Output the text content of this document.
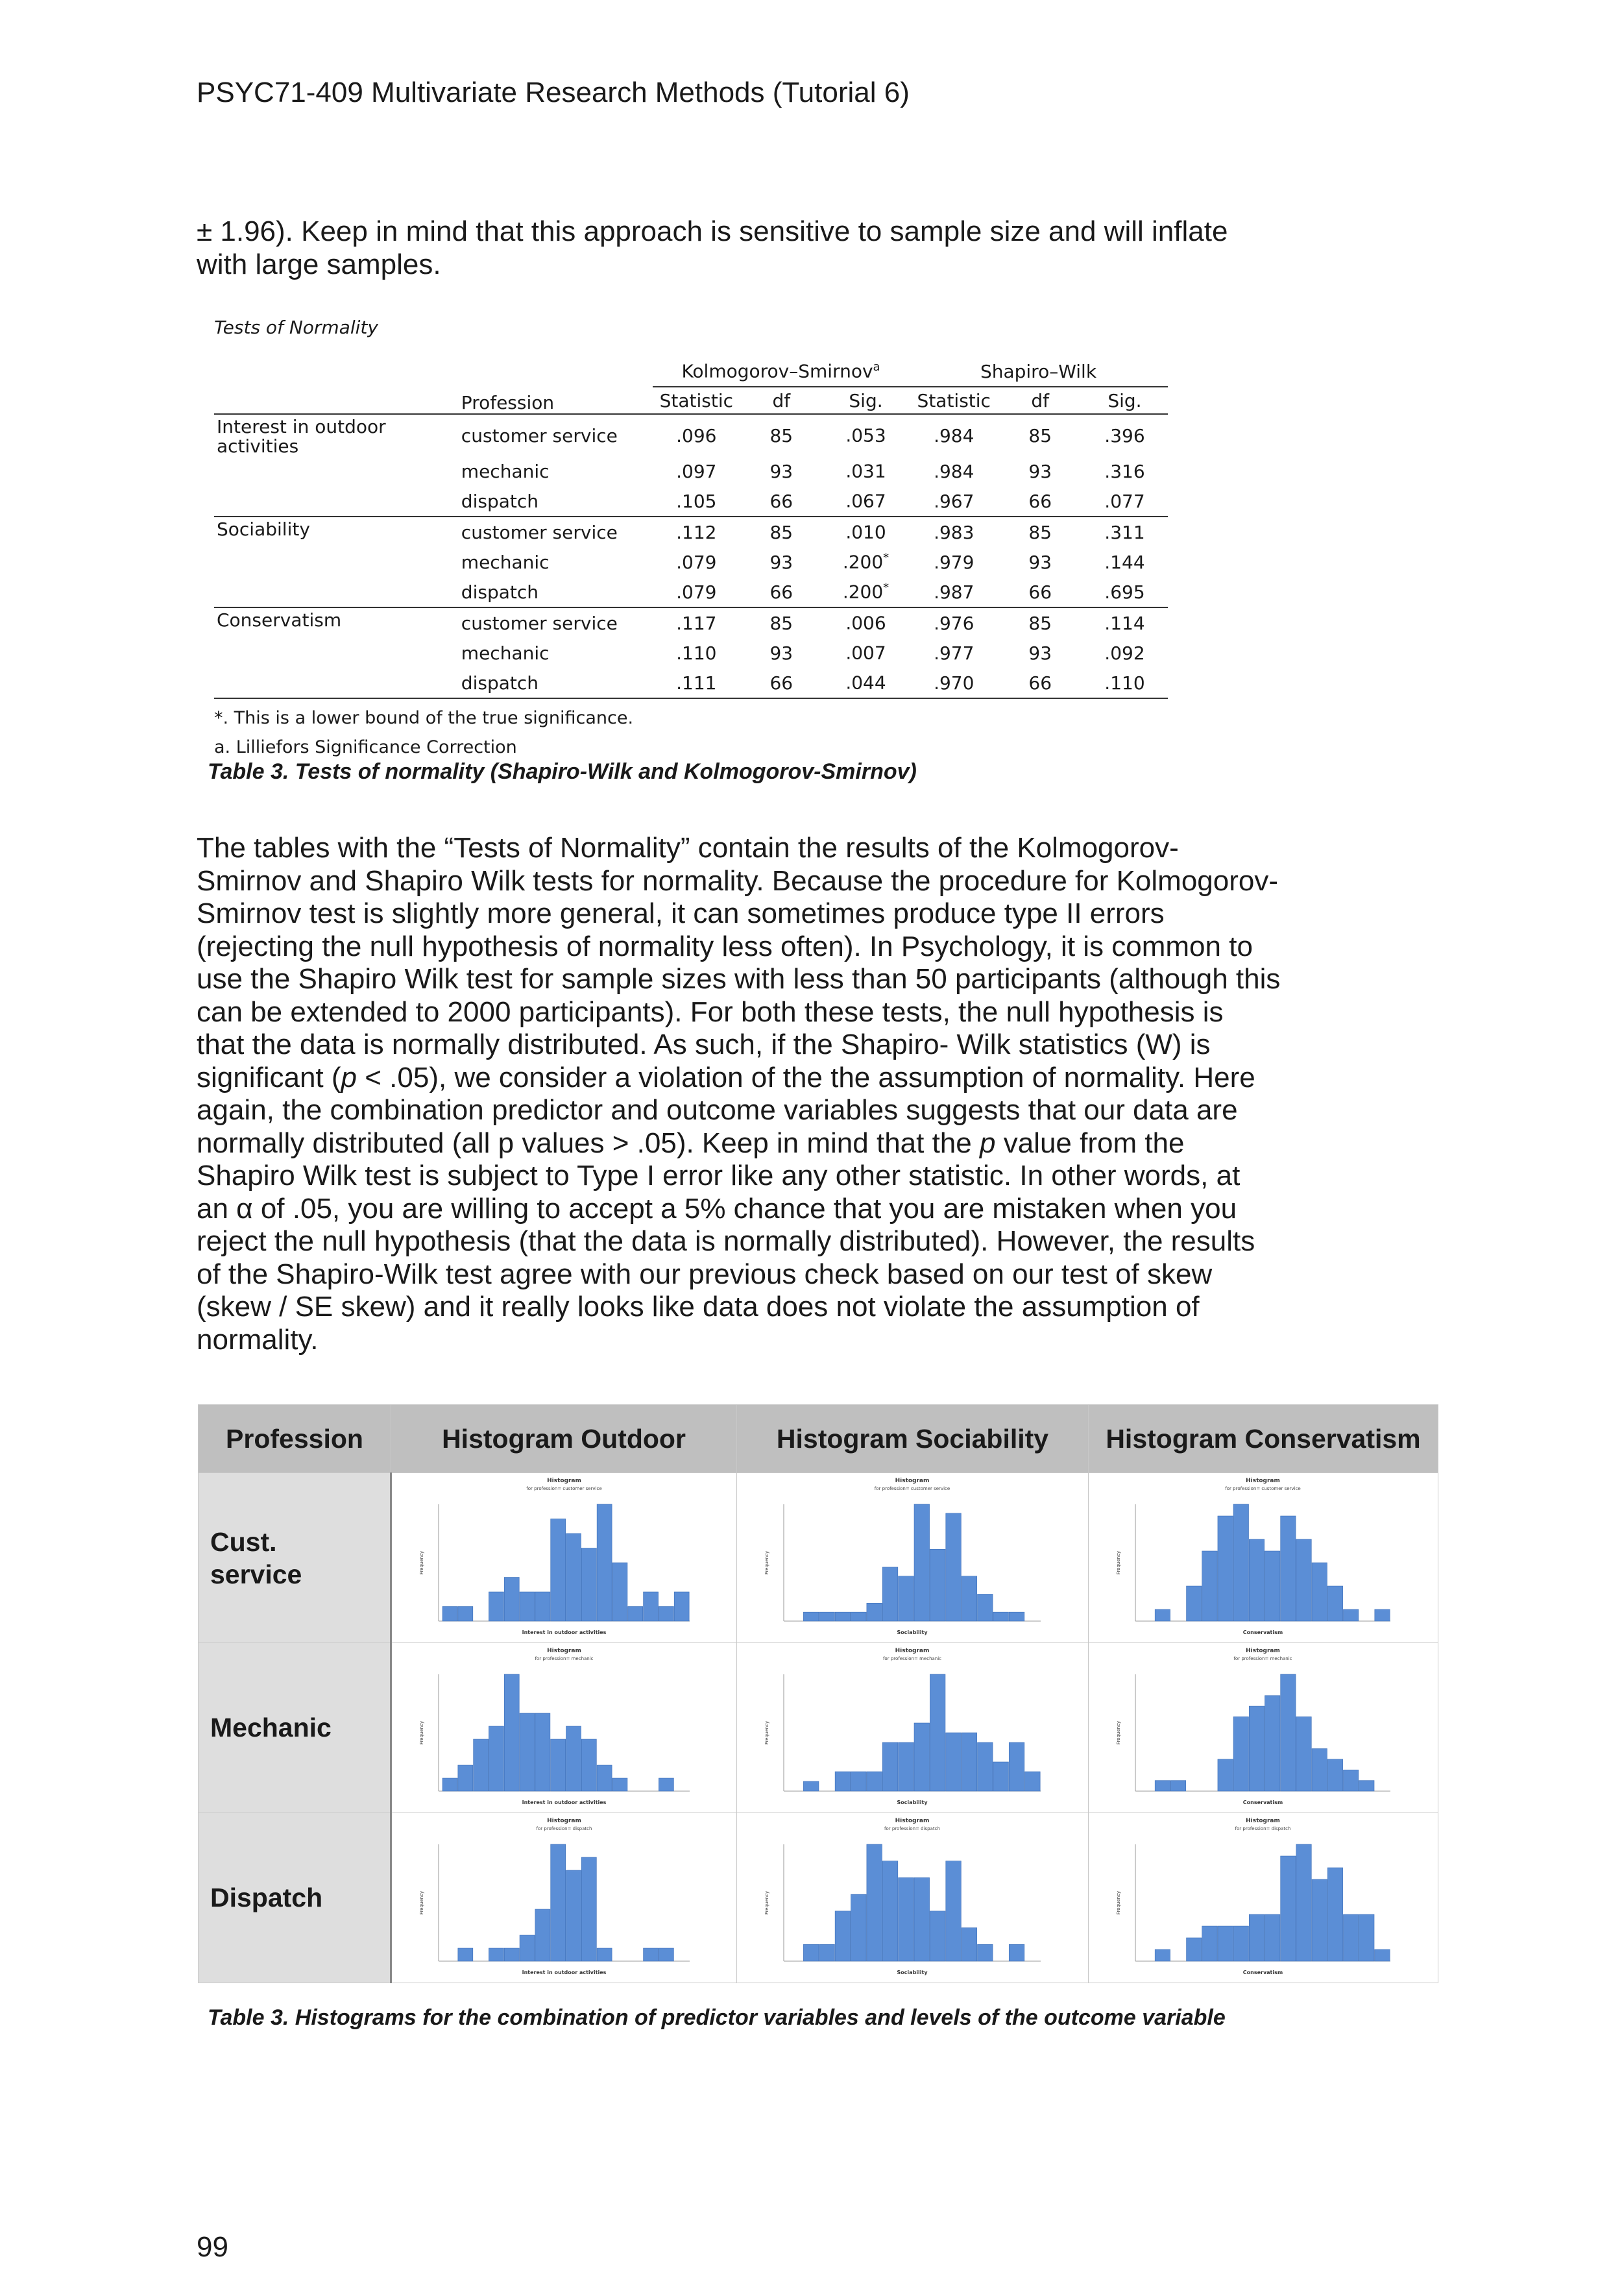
PSYC71-409 Multivariate Research Methods (Tutorial 6)

± 1.96). Keep in mind that this approach is sensitive to sample size and will inflate
with large samples.

Tests of Normality
		Kolmogorov–Smirnov$^a$			Shapiro–Wilk		
	Profession	Statistic	df	Sig.	Statistic	df	Sig.

Interest in outdoor
activities	customer service	.096	85	.053	.984	85	.396
	mechanic	.097	93	.031	.984	93	.316
	dispatch	.105	66	.067	.967	66	.077

Sociability	customer service	.112	85	.010	.983	85	.311
	mechanic	.079	93	.200*	.979	93	.144
	dispatch	.079	66	.200*	.987	66	.695

Conservatism	customer service	.117	85	.006	.976	85	.114
	mechanic	.110	93	.007	.977	93	.092
	dispatch	.111	66	.044	.970	66	.110
*. This is a lower bound of the true significance.
a. Lilliefors Significance Correction
Table 3. Tests of normality (Shapiro-Wilk and Kolmogorov-Smirnov)

The tables with the “Tests of Normality” contain the results of the Kolmogorov-
Smirnov and Shapiro Wilk tests for normality. Because the procedure for Kolmogorov-
Smirnov test is slightly more general, it can sometimes produce type II errors
(rejecting the null hypothesis of normality less often). In Psychology, it is common to
use the Shapiro Wilk test for sample sizes with less than 50 participants (although this
can be extended to 2000 participants). For both these tests, the null hypothesis is
that the data is normally distributed. As such, if the Shapiro- Wilk statistics (W) is
significant (p < .05), we consider a violation of the the assumption of normality. Here
again, the combination predictor and outcome variables suggests that our data are
normally distributed (all p values > .05). Keep in mind that the p value from the
Shapiro Wilk test is subject to Type I error like any other statistic. In other words, at
an α of .05, you are willing to accept a 5% chance that you are mistaken when you
reject the null hypothesis (that the data is normally distributed). However, the results
of the Shapiro-Wilk test agree with our previous check based on our test of skew
(skew / SE skew) and it really looks like data does not violate the assumption of
normality.

Profession	Histogram Outdoor	Histogram Sociability	Histogram Conservatism

Cust. service	Histogram
for profession= customer service
Interest in outdoor activities
Frequency	Histogram
for profession= customer service
Sociability
Frequency	Histogram
for profession= customer service
Conservatism
Frequency

Mechanic	Histogram
for profession= mechanic
Interest in outdoor activities
Frequency	Histogram
for profession= mechanic
Sociability
Frequency	Histogram
for profession= mechanic
Conservatism
Frequency

Dispatch	Histogram
for profession= dispatch
Interest in outdoor activities
Frequency	Histogram
for profession= dispatch
Sociability
Frequency	Histogram
for profession= dispatch
Conservatism
Frequency
Table 3. Histograms for the combination of predictor variables and levels of the outcome variable
99
